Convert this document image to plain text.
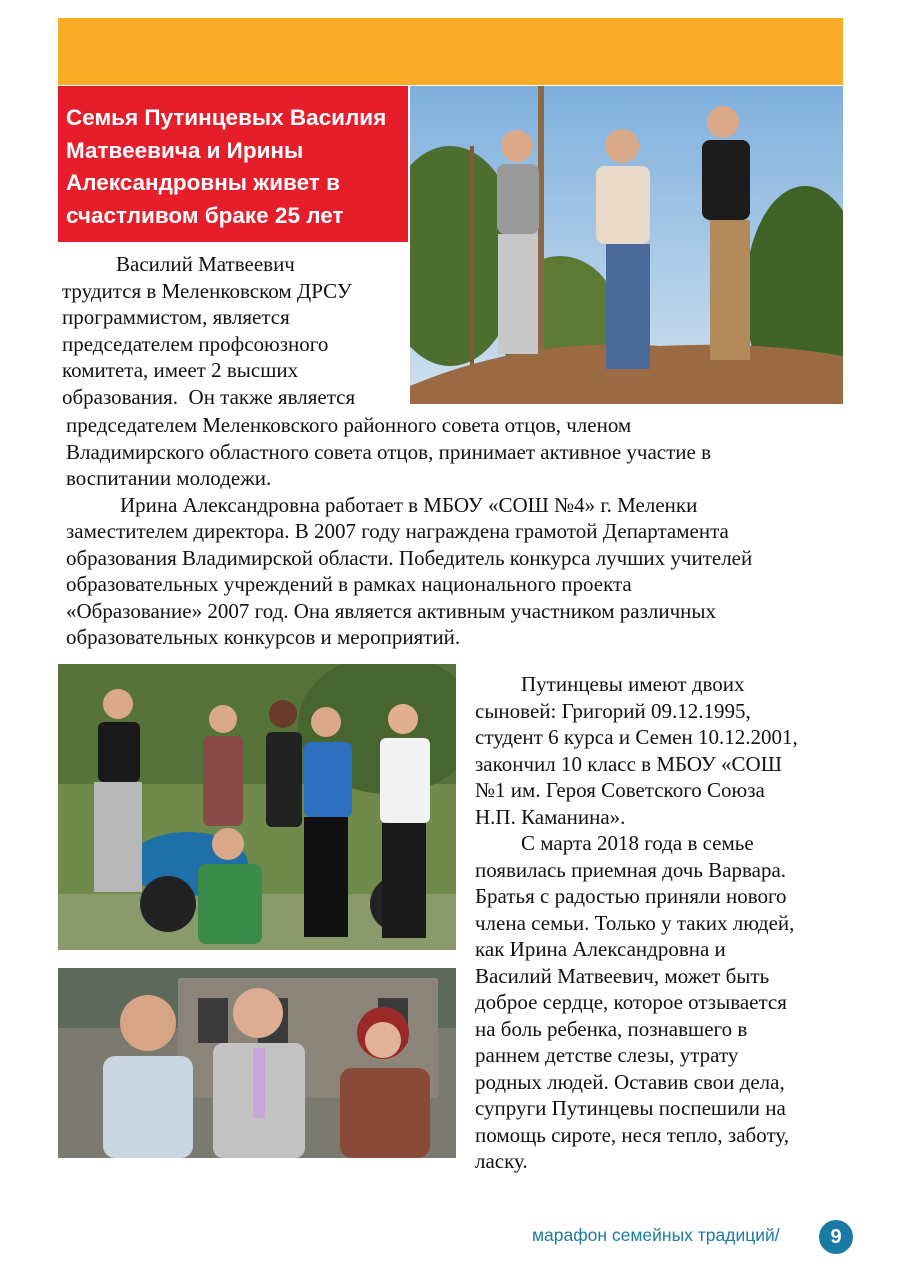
Семья Путинцевых Василия
Матвеевича и Ирины
Александровны живет в
счастливом браке 25 лет
Василий Матвеевич
трудится в Меленковском ДРСУ
программистом, является
председателем профсоюзного
комитета, имеет 2 высших
образования.  Он также является
председателем Меленковского районного совета отцов, членом
Владимирского областного совета отцов, принимает активное участие в
воспитании молодежи.
Ирина Александровна работает в МБОУ «СОШ №4» г. Меленки
заместителем директора. В 2007 году награждена грамотой Департамента
образования Владимирской области. Победитель конкурса лучших учителей
образовательных учреждений в рамках национального проекта
«Образование» 2007 год. Она является активным участником различных
образовательных конкурсов и мероприятий.
Путинцевы имеют двоих
сыновей: Григорий 09.12.1995,
студент 6 курса и Семен 10.12.2001,
закончил 10 класс в МБОУ «СОШ
№1 им. Героя Советского Союза
Н.П. Каманина».
С марта 2018 года в семье
появилась приемная дочь Варвара.
Братья с радостью приняли нового
члена семьи. Только у таких людей,
как Ирина Александровна и
Василий Матвеевич, может быть
доброе сердце, которое отзывается
на боль ребенка, познавшего в
раннем детстве слезы, утрату
родных людей. Оставив свои дела,
супруги Путинцевы поспешили на
помощь сироте, неся тепло, заботу,
ласку.
марафон семейных традиций/	9
